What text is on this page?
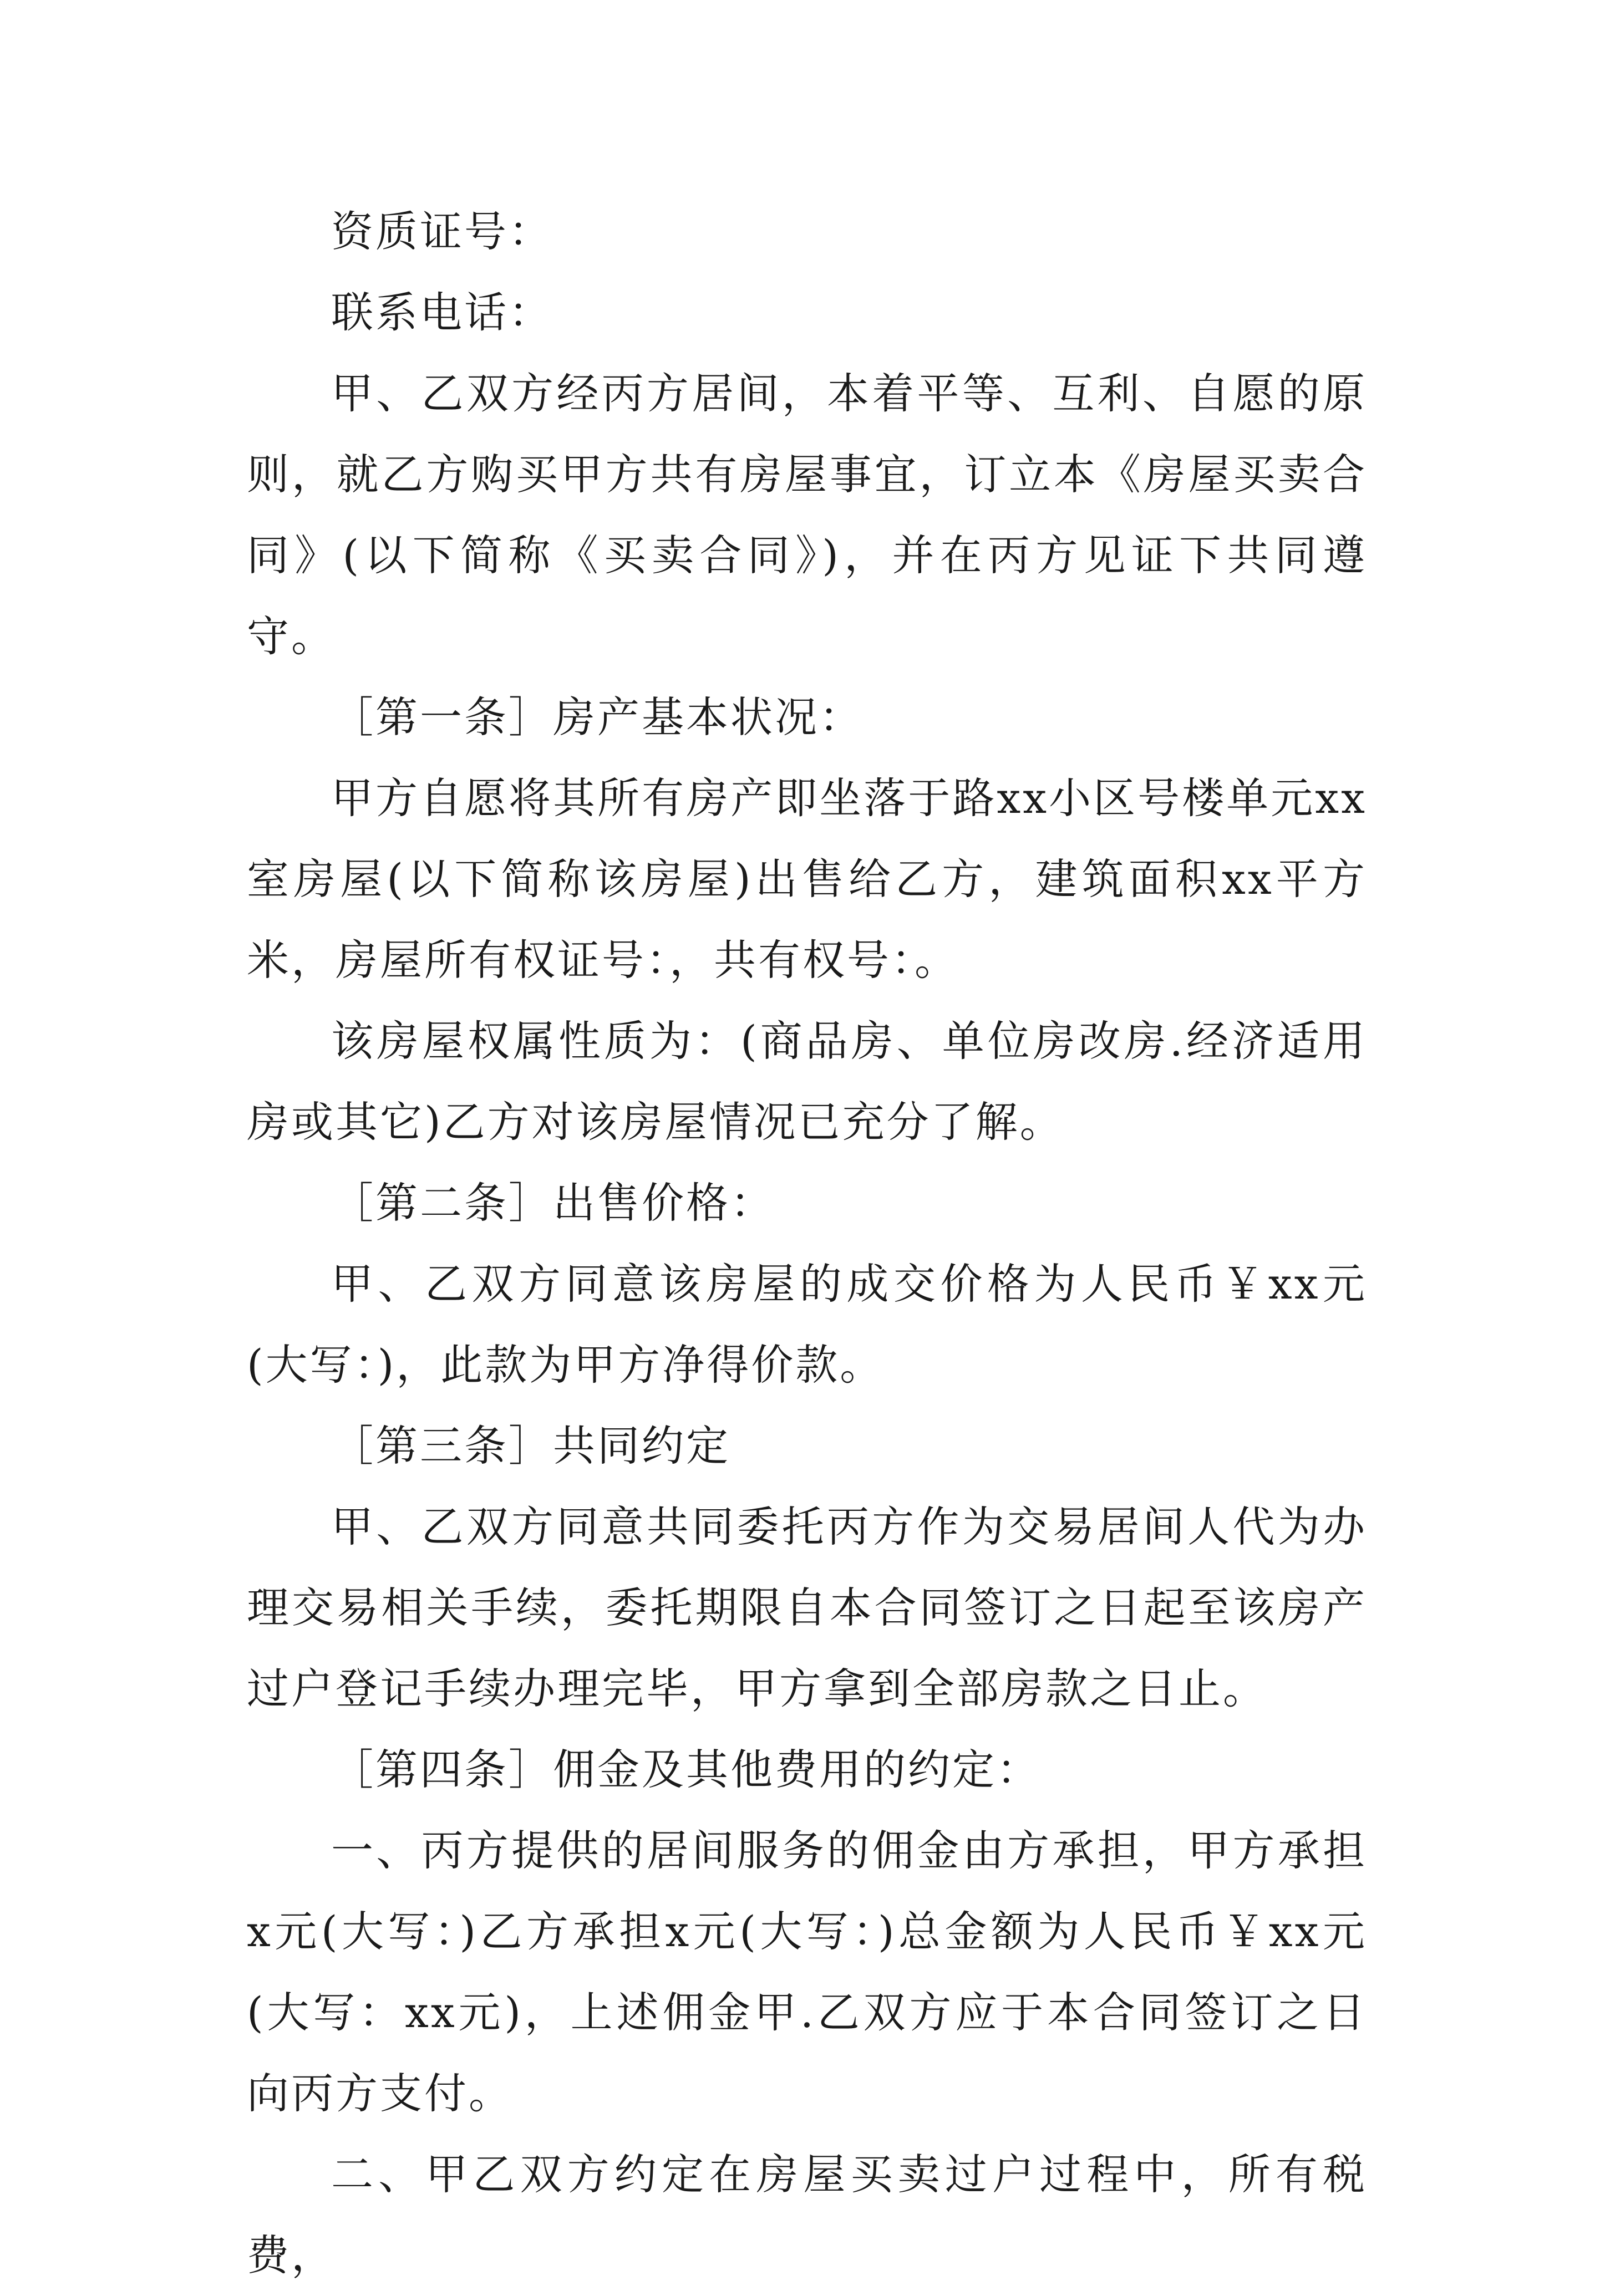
资质证号：

联系电话：

甲、乙双方经丙方居间，本着平等、互利、自愿的原则，就乙方购买甲方共有房屋事宜，订立本《房屋买卖合同》(以下简称《买卖合同》)，并在丙方见证下共同遵守。

［第一条］房产基本状况：

甲方自愿将其所有房产即坐落于路xx小区号楼单元xx室房屋(以下简称该房屋)出售给乙方，建筑面积xx平方米，房屋所有权证号：，共有权号：。

该房屋权属性质为：(商品房、单位房改房.经济适用房或其它)乙方对该房屋情况已充分了解。

［第二条］出售价格：

甲、乙双方同意该房屋的成交价格为人民币￥xx元(大写：)，此款为甲方净得价款。

［第三条］共同约定

甲、乙双方同意共同委托丙方作为交易居间人代为办理交易相关手续，委托期限自本合同签订之日起至该房产过户登记手续办理完毕，甲方拿到全部房款之日止。

［第四条］佣金及其他费用的约定：

一、丙方提供的居间服务的佣金由方承担，甲方承担x元(大写：)乙方承担x元(大写：)总金额为人民币￥xx元(大写：xx元)，上述佣金甲.乙双方应于本合同签订之日向丙方支付。

二、甲乙双方约定在房屋买卖过户过程中，所有税费，
